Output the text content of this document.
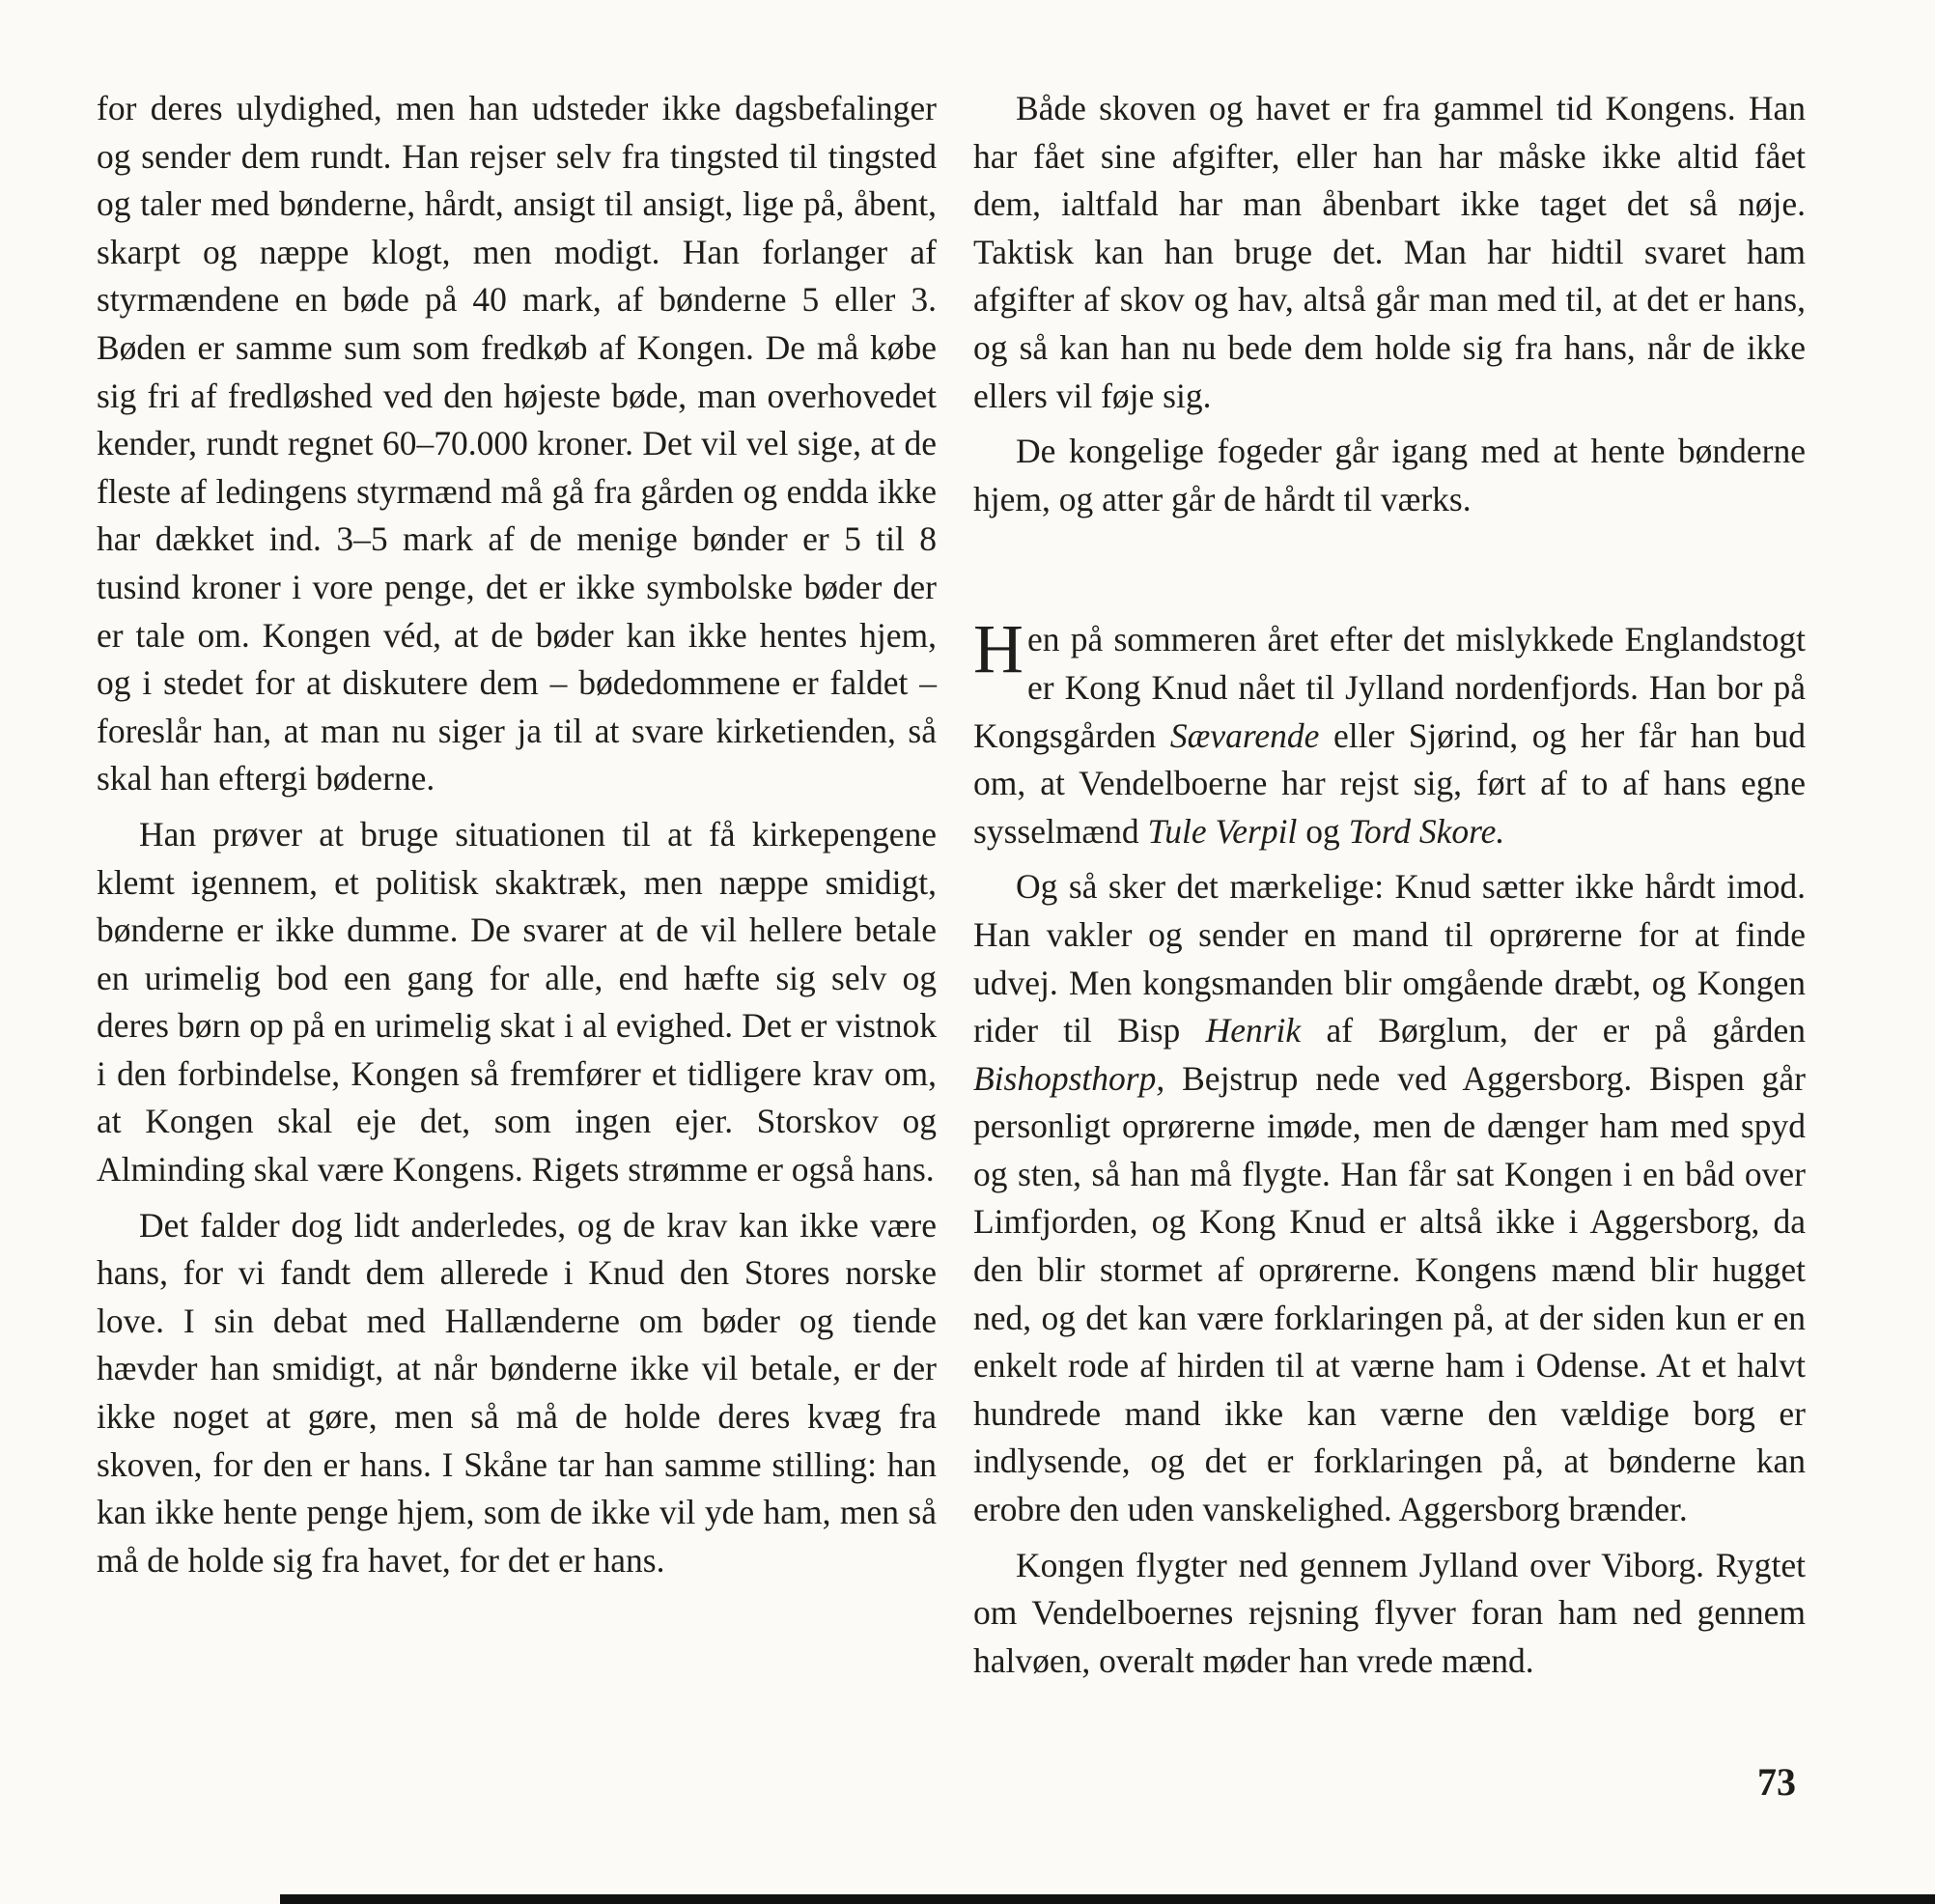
for deres ulydighed, men han udsteder ikke dagsbefalinger og sender dem rundt. Han rejser selv fra tingsted til tingsted og taler med bønderne, hårdt, ansigt til ansigt, lige på, åbent, skarpt og næppe klogt, men modigt. Han forlanger af styrmændene en bøde på 40 mark, af bønderne 5 eller 3. Bøden er samme sum som fredkøb af Kongen. De må købe sig fri af fredløshed ved den højeste bøde, man overhovedet kender, rundt regnet 60–70.000 kroner. Det vil vel sige, at de fleste af ledingens styrmænd må gå fra gården og endda ikke har dækket ind. 3–5 mark af de menige bønder er 5 til 8 tusind kroner i vore penge, det er ikke symbolske bøder der er tale om. Kongen véd, at de bøder kan ikke hentes hjem, og i stedet for at diskutere dem – bødedommene er faldet – foreslår han, at man nu siger ja til at svare kirketienden, så skal han eftergi bøderne.

Han prøver at bruge situationen til at få kirkepengene klemt igennem, et politisk skaktræk, men næppe smidigt, bønderne er ikke dumme. De svarer at de vil hellere betale en urimelig bod een gang for alle, end hæfte sig selv og deres børn op på en urimelig skat i al evighed. Det er vistnok i den forbindelse, Kongen så fremfører et tidligere krav om, at Kongen skal eje det, som ingen ejer. Storskov og Alminding skal være Kongens. Rigets strømme er også hans.

Det falder dog lidt anderledes, og de krav kan ikke være hans, for vi fandt dem allerede i Knud den Stores norske love. I sin debat med Hallænderne om bøder og tiende hævder han smidigt, at når bønderne ikke vil betale, er der ikke noget at gøre, men så må de holde deres kvæg fra skoven, for den er hans. I Skåne tar han samme stilling: han kan ikke hente penge hjem, som de ikke vil yde ham, men så må de holde sig fra havet, for det er hans.

Både skoven og havet er fra gammel tid Kongens. Han har fået sine afgifter, eller han har måske ikke altid fået dem, ialtfald har man åbenbart ikke taget det så nøje. Taktisk kan han bruge det. Man har hidtil svaret ham afgifter af skov og hav, altså går man med til, at det er hans, og så kan han nu bede dem holde sig fra hans, når de ikke ellers vil føje sig.

De kongelige fogeder går igang med at hente bønderne hjem, og atter går de hårdt til værks.

Hen på sommeren året efter det mislykkede Englandstogt er Kong Knud nået til Jylland nordenfjords. Han bor på Kongsgården Sævarende eller Sjørind, og her får han bud om, at Vendelboerne har rejst sig, ført af to af hans egne sysselmænd Tule Verpil og Tord Skore.

Og så sker det mærkelige: Knud sætter ikke hårdt imod. Han vakler og sender en mand til oprørerne for at finde udvej. Men kongsmanden blir omgående dræbt, og Kongen rider til Bisp Henrik af Børglum, der er på gården Bishopsthorp, Bejstrup nede ved Aggersborg. Bispen går personligt oprørerne imøde, men de dænger ham med spyd og sten, så han må flygte. Han får sat Kongen i en båd over Limfjorden, og Kong Knud er altså ikke i Aggersborg, da den blir stormet af oprørerne. Kongens mænd blir hugget ned, og det kan være forklaringen på, at der siden kun er en enkelt rode af hirden til at værne ham i Odense. At et halvt hundrede mand ikke kan værne den vældige borg er indlysende, og det er forklaringen på, at bønderne kan erobre den uden vanskelighed. Aggersborg brænder.

Kongen flygter ned gennem Jylland over Viborg. Rygtet om Vendelboernes rejsning flyver foran ham ned gennem halvøen, overalt møder han vrede mænd.

73
